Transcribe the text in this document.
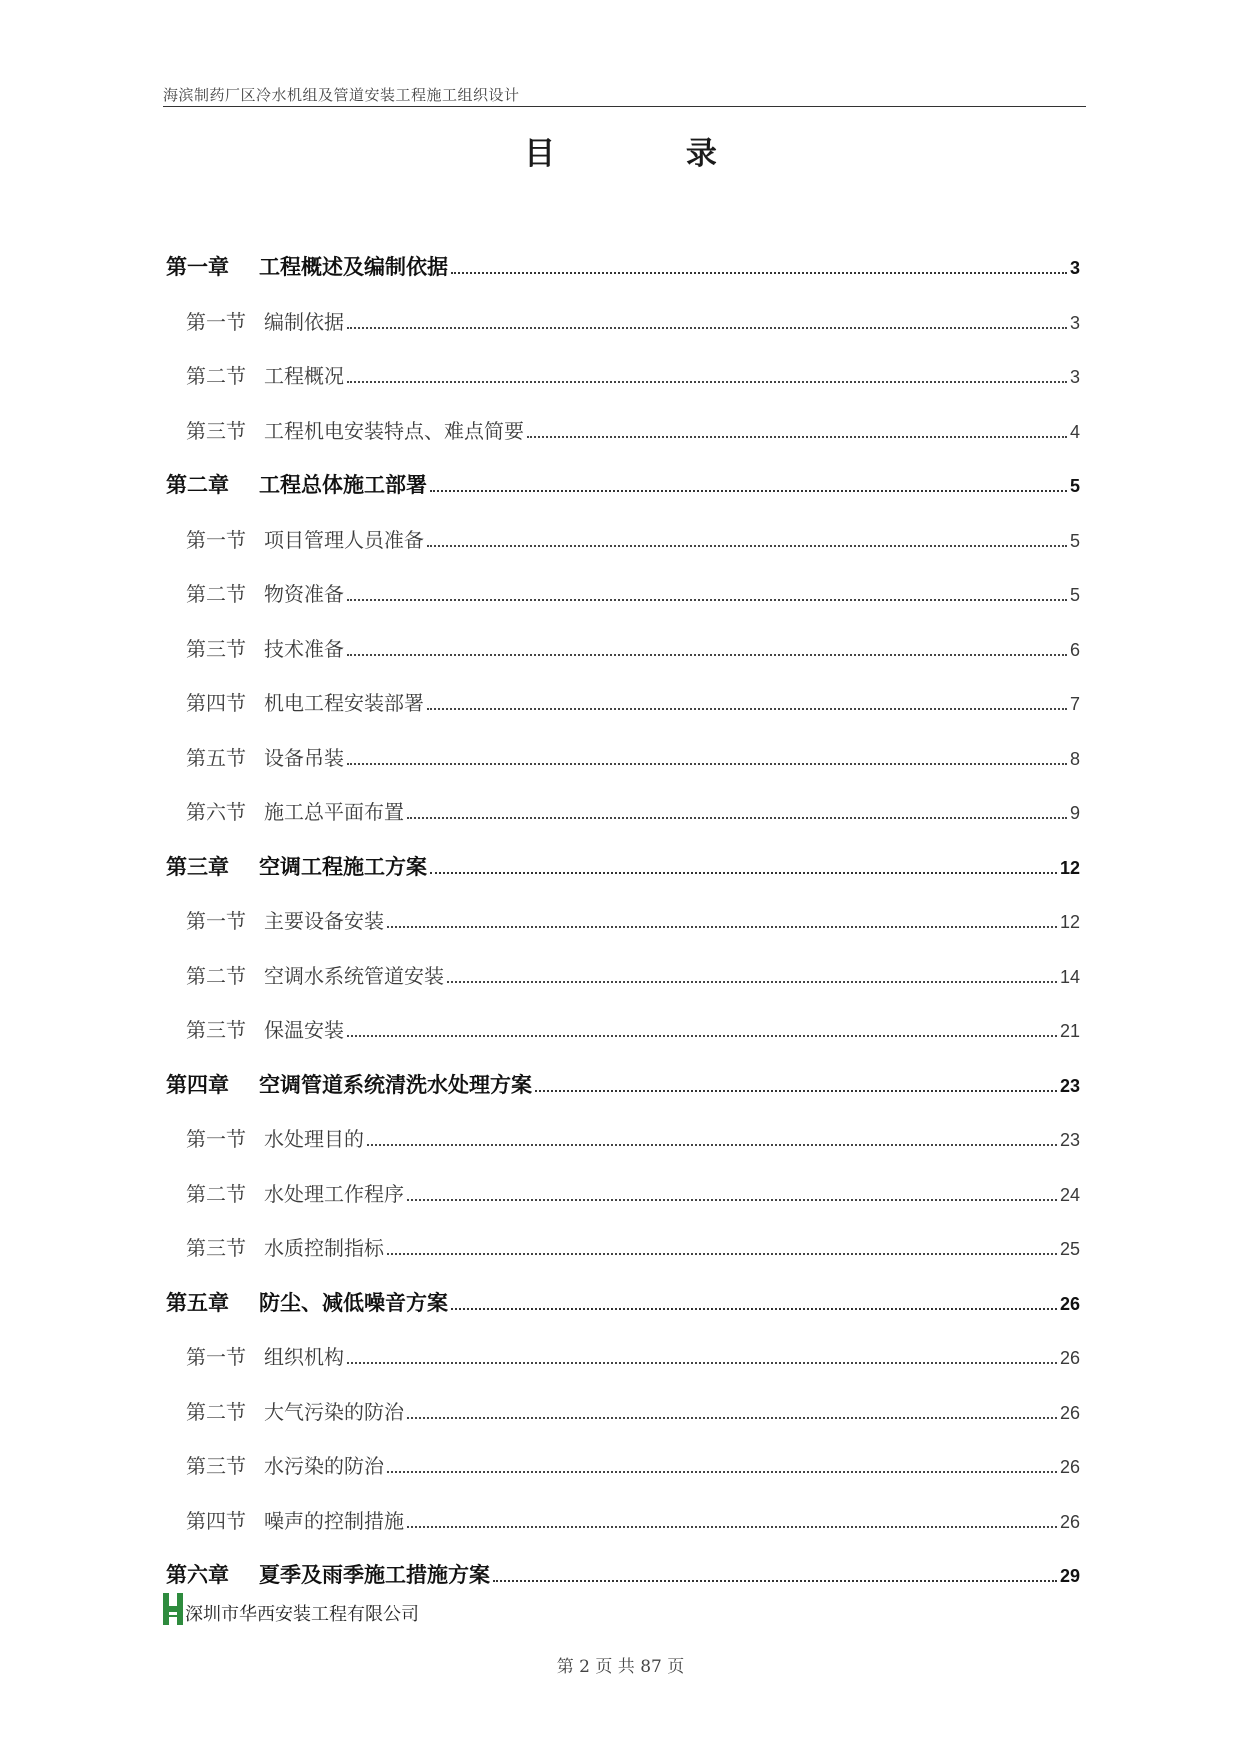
海滨制药厂区冷水机组及管道安装工程施工组织设计
目 录
第一章	工程概述及编制依据	3
第一节 编制依据	3
第二节 工程概况	3
第三节 工程机电安装特点、难点简要	4
第二章	工程总体施工部署	5
第一节 项目管理人员准备	5
第二节 物资准备	5
第三节 技术准备	6
第四节 机电工程安装部署	7
第五节 设备吊装	8
第六节 施工总平面布置	9
第三章	空调工程施工方案	12
第一节 主要设备安装	12
第二节 空调水系统管道安装	14
第三节 保温安装	21
第四章	空调管道系统清洗水处理方案	23
第一节 水处理目的	23
第二节 水处理工作程序	24
第三节 水质控制指标	25
第五章	防尘、减低噪音方案	26
第一节 组织机构	26
第二节 大气污染的防治	26
第三节 水污染的防治	26
第四节 噪声的控制措施	26
第六章	夏季及雨季施工措施方案	29
深圳市华西安装工程有限公司
第 2 页 共 87 页
